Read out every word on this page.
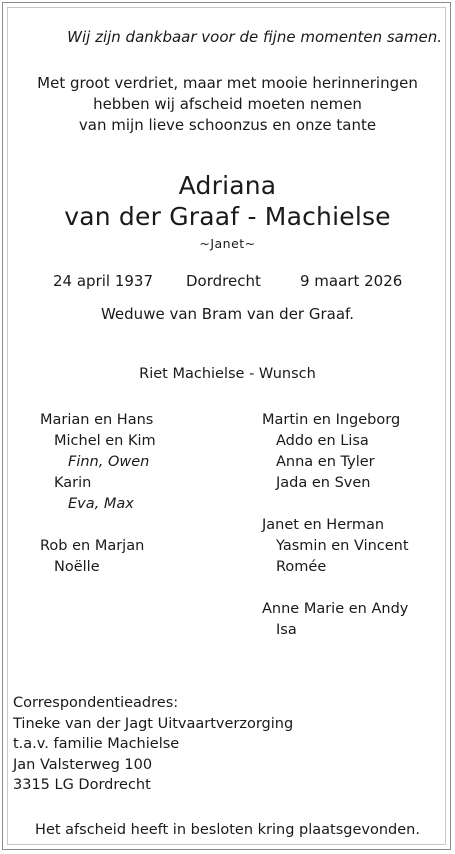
Wij zijn dankbaar voor de fijne momenten samen.
Met groot verdriet, maar met mooie herinneringen
hebben wij afscheid moeten nemen
van mijn lieve schoonzus en onze tante
Adriana
van der Graaf - Machielse
~Janet~
24 april 1937 Dordrecht	9 maart 2026
Weduwe van Bram van der Graaf.
Riet Machielse - Wunsch
Marian en Hans
Michel en Kim
Finn, Owen
Karin
Eva, Max
Rob en Marjan
Noëlle
Martin en Ingeborg
Addo en Lisa
Anna en Tyler
Jada en Sven
Janet en Herman
Yasmin en Vincent
Romée
Anne Marie en Andy
Isa
Correspondentieadres:
Tineke van der Jagt Uitvaartverzorging
t.a.v. familie Machielse
Jan Valsterweg 100
3315 LG Dordrecht
Het afscheid heeft in besloten kring plaatsgevonden.
